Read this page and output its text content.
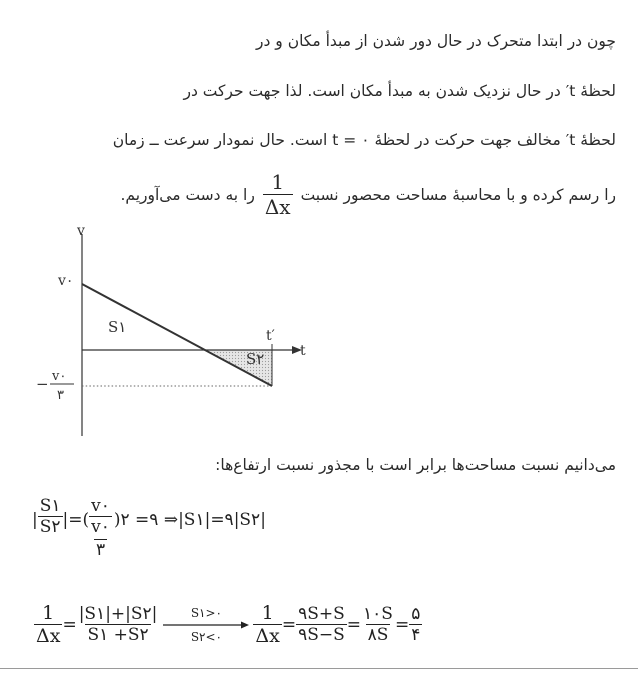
چون در ابتدا متحرک در حال دور شدن از مبدأ مکان و در
لحظهٔ t′ در حال نزدیک شدن به مبدأ مکان است. لذا جهت حرکت در
لحظهٔ t′ مخالف جهت حرکت در لحظهٔ ۰ = t است. حال نمودار سرعت ــ زمان
را رسم کرده و با محاسبهٔ مساحت محصور نسبت
$\frac{1}{\Delta x}$
را به دست می‌آوریم.
v
t
v۰
t′
S۱
S۲
− v۰
۳
می‌دانیم نسبت مساحت‌ها برابر است با مجذور نسبت ارتفاع‌ها:
| $\frac{S۱}{S۲}$ | =( v۰
v۰
۳ )۲ =۹ ⇒|S۱|=۹|S۲|
$\frac{1}{\Delta x} = \frac{|S۱|+|S۲|}{S۱ +S۲}$	S۱>۰
S۲<۰ $\frac{1}{\Delta x} = \frac{۹S+S}{۹S-S} = \frac{۱۰S}{۸S} = \frac{۵}{۴}$
